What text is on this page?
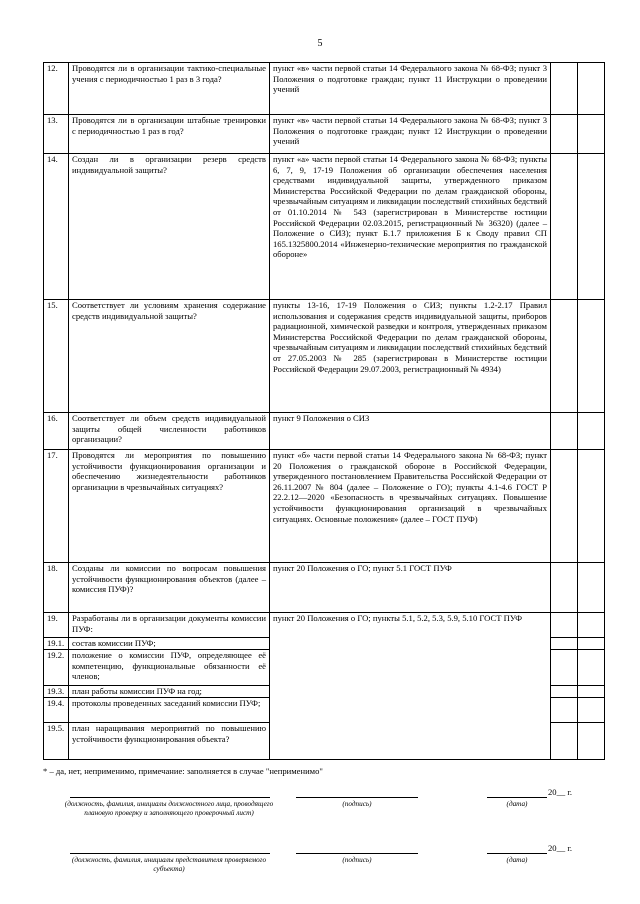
5
12.	Проводятся ли в организации тактико-специальные учения с периодичностью 1 раз в 3 года?	пункт «в» части первой статьи 14 Федерального закона № 68-ФЗ; пункт 3 Положения о подготовке граждан; пункт 11 Инструкции о проведении учений		
13.	Проводятся ли в организации штабные тренировки с периодичностью 1 раз в год?	пункт «в» части первой статьи 14 Федерального закона № 68-ФЗ; пункт 3 Положения о подготовке граждан; пункт 12 Инструкции о проведении учений		
14.	Создан ли в организации резерв средств индивидуальной защиты?	пункт «а» части первой статьи 14 Федерального закона № 68-ФЗ; пункты 6, 7, 9, 17-19 Положения об организации обеспечения населения средствами индивидуальной защиты, утвержденного приказом Министерства Российской Федерации по делам гражданской обороны, чрезвычайным ситуациям и ликвидации последствий стихийных бедствий от 01.10.2014 № 543 (зарегистрирован в Министерстве юстиции Российской Федерации 02.03.2015, регистрационный № 36320) (далее – Положение о СИЗ); пункт Б.1.7 приложения Б к Своду правил СП 165.1325800.2014 «Инженерно-технические мероприятия по гражданской обороне»		
15.	Соответствует ли условиям хранения содержание средств индивидуальной защиты?	пункты 13-16, 17-19 Положения о СИЗ; пункты 1.2-2.17 Правил использования и содержания средств индивидуальной защиты, приборов радиационной, химической разведки и контроля, утвержденных приказом Министерства Российской Федерации по делам гражданской обороны, чрезвычайным ситуациям и ликвидации последствий стихийных бедствий от 27.05.2003 № 285 (зарегистрирован в Министерстве юстиции Российской Федерации 29.07.2003, регистрационный № 4934)		
16.	Соответствует ли объем средств индивидуальной защиты общей численности работников организации?	пункт 9 Положения о СИЗ		
17.	Проводятся ли мероприятия по повышению устойчивости функционирования организации и обеспечению жизнедеятельности работников организации в чрезвычайных ситуациях?	пункт «б» части первой статьи 14 Федерального закона № 68-ФЗ; пункт 20 Положения о гражданской обороне в Российской Федерации, утвержденного постановлением Правительства Российской Федерации от 26.11.2007 № 804 (далее – Положение о ГО); пункты 4.1-4.6 ГОСТ Р 22.2.12—2020 «Безопасность в чрезвычайных ситуациях. Повышение устойчивости функционирования организаций в чрезвычайных ситуациях. Основные положения» (далее – ГОСТ ПУФ)		
18.	Созданы ли комиссии по вопросам повышения устойчивости функционирования объектов (далее – комиссия ПУФ)?	пункт 20 Положения о ГО; пункт 5.1 ГОСТ ПУФ		
19.	Разработаны ли в организации документы комиссии ПУФ:	пункт 20 Положения о ГО; пункты 5.1, 5.2, 5.3, 5.9, 5.10 ГОСТ ПУФ		
19.1.	состав комиссии ПУФ;			
19.2.	положение о комиссии ПУФ, определяющее её компетенцию, функциональные обязанности её членов;			
19.3.	план работы комиссии ПУФ на год;			
19.4.	протоколы проведенных заседаний комиссии ПУФ;			
19.5.	план наращивания мероприятий по повышению устойчивости функционирования объекта?			
* – да, нет, неприменимо, примечание: заполняется в случае "неприменимо"
20__ г.
(должность, фамилия, инициалы должностного лица, проводящего плановую проверку и заполняющего проверочный лист)
(подпись)	(дата)
20__ г.
(должность, фамилия, инициалы представителя проверяемого субъекта)
(подпись)	(дата)
